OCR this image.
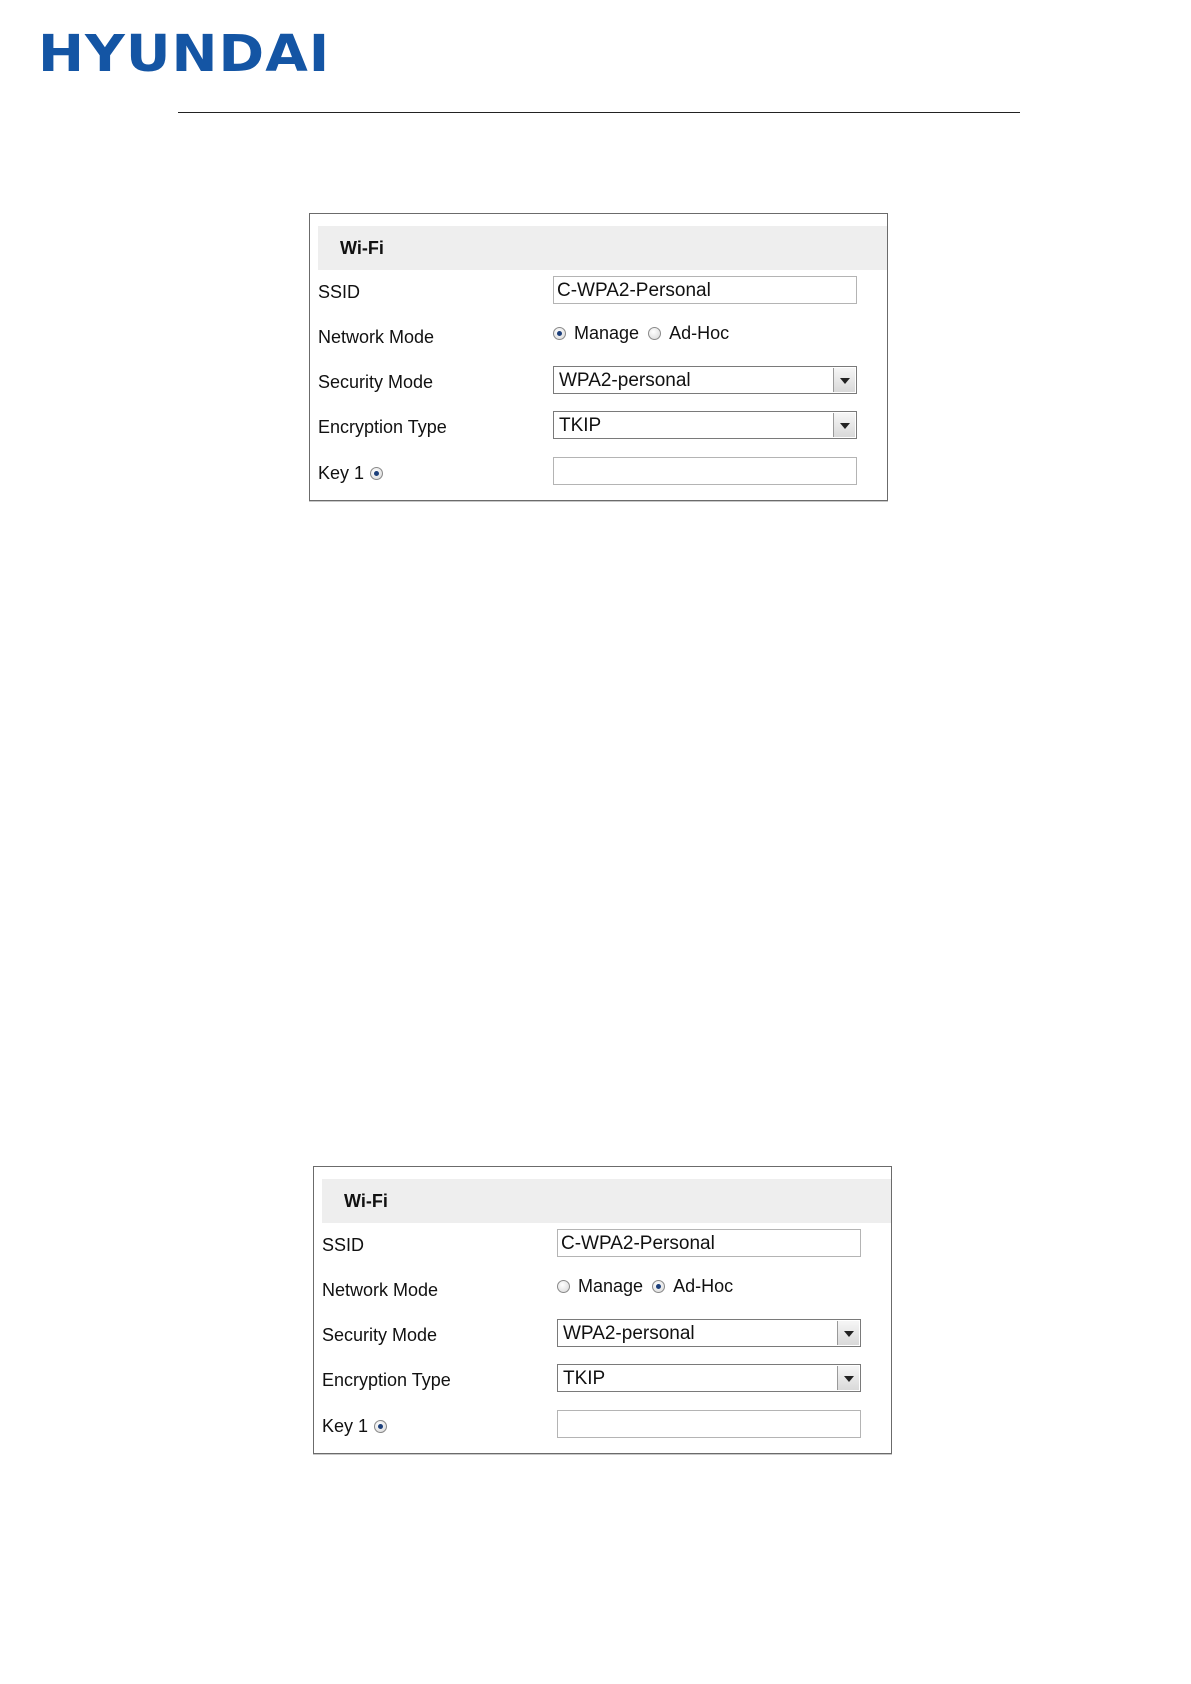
HYUNDAI
Wi-Fi
SSID	C-WPA2-Personal
Network Mode	Manage Ad-Hoc
Security Mode	WPA2-personal
Encryption Type	TKIP
Key 1
Wi-Fi
SSID	C-WPA2-Personal
Network Mode	Manage Ad-Hoc
Security Mode	WPA2-personal
Encryption Type	TKIP
Key 1
